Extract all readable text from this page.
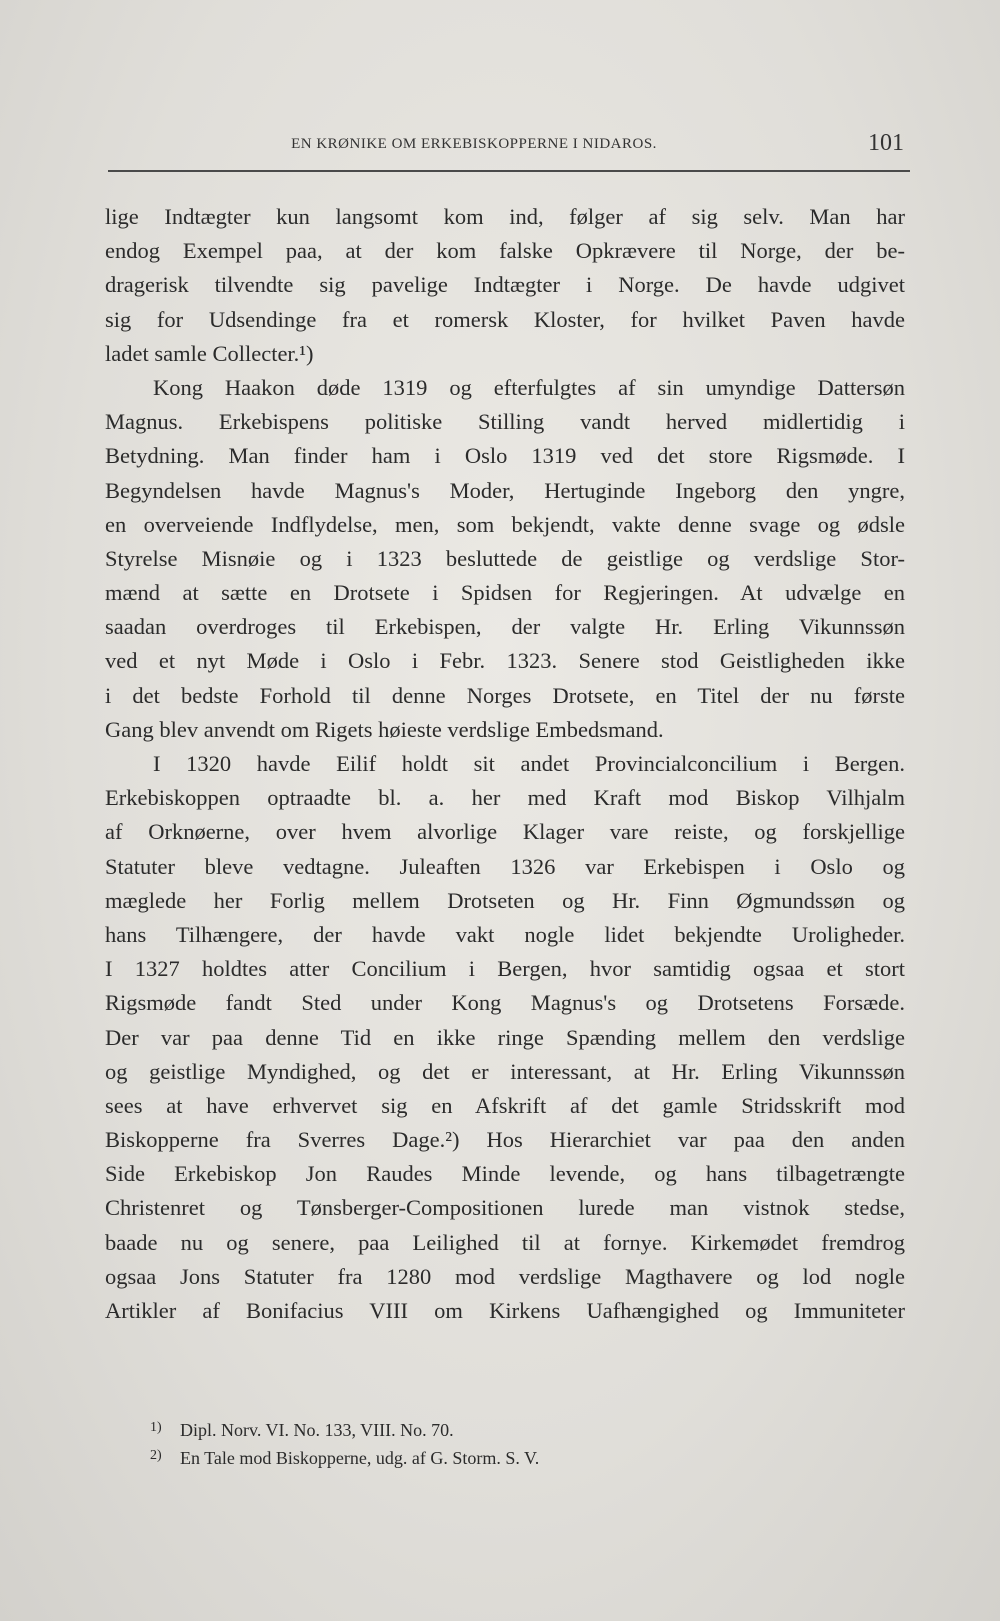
EN KRØNIKE OM ERKEBISKOPPERNE I NIDAROS.	101
lige Indtægter kun langsomt kom ind, følger af sig selv. Man har
endog Exempel paa, at der kom falske Opkrævere til Norge, der be-
dragerisk tilvendte sig pavelige Indtægter i Norge. De havde udgivet
sig for Udsendinge fra et romersk Kloster, for hvilket Paven havde
ladet samle Collecter.¹)
Kong Haakon døde 1319 og efterfulgtes af sin umyndige Dattersøn
Magnus. Erkebispens politiske Stilling vandt herved midlertidig i
Betydning. Man finder ham i Oslo 1319 ved det store Rigsmøde. I
Begyndelsen havde Magnus's Moder, Hertuginde Ingeborg den yngre,
en overveiende Indflydelse, men, som bekjendt, vakte denne svage og ødsle
Styrelse Misnøie og i 1323 besluttede de geistlige og verdslige Stor-
mænd at sætte en Drotsete i Spidsen for Regjeringen. At udvælge en
saadan overdroges til Erkebispen, der valgte Hr. Erling Vikunnssøn
ved et nyt Møde i Oslo i Febr. 1323. Senere stod Geistligheden ikke
i det bedste Forhold til denne Norges Drotsete, en Titel der nu første
Gang blev anvendt om Rigets høieste verdslige Embedsmand.
I 1320 havde Eilif holdt sit andet Provincialconcilium i Bergen.
Erkebiskoppen optraadte bl. a. her med Kraft mod Biskop Vilhjalm
af Orknøerne, over hvem alvorlige Klager vare reiste, og forskjellige
Statuter bleve vedtagne. Juleaften 1326 var Erkebispen i Oslo og
mæglede her Forlig mellem Drotseten og Hr. Finn Øgmundssøn og
hans Tilhængere, der havde vakt nogle lidet bekjendte Uroligheder.
I 1327 holdtes atter Concilium i Bergen, hvor samtidig ogsaa et stort
Rigsmøde fandt Sted under Kong Magnus's og Drotsetens Forsæde.
Der var paa denne Tid en ikke ringe Spænding mellem den verdslige
og geistlige Myndighed, og det er interessant, at Hr. Erling Vikunnssøn
sees at have erhvervet sig en Afskrift af det gamle Stridsskrift mod
Biskopperne fra Sverres Dage.²) Hos Hierarchiet var paa den anden
Side Erkebiskop Jon Raudes Minde levende, og hans tilbagetrængte
Christenret og Tønsberger-Compositionen lurede man vistnok stedse,
baade nu og senere, paa Leilighed til at fornye. Kirkemødet fremdrog
ogsaa Jons Statuter fra 1280 mod verdslige Magthavere og lod nogle
Artikler af Bonifacius VIII om Kirkens Uafhængighed og Immuniteter
1) Dipl. Norv. VI. No. 133, VIII. No. 70.
2) En Tale mod Biskopperne, udg. af G. Storm. S. V.
